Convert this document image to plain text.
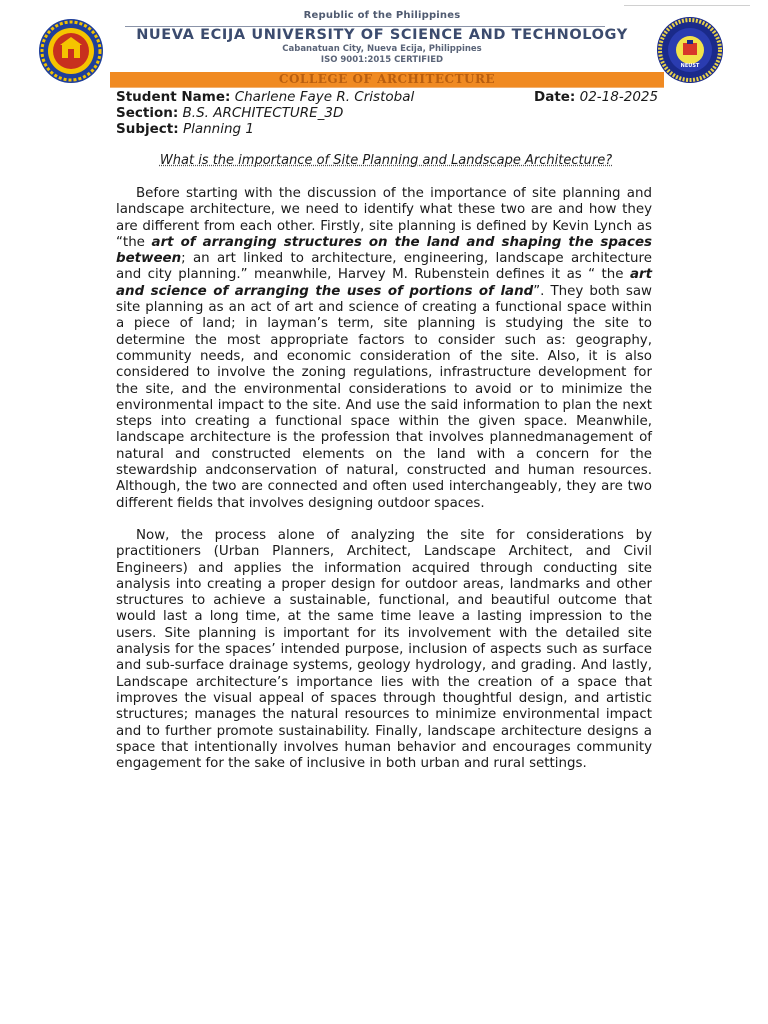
NEUST
Republic of the Philippines
NUEVA ECIJA UNIVERSITY OF SCIENCE AND TECHNOLOGY
Cabanatuan City, Nueva Ecija, Philippines
ISO 9001:2015 CERTIFIED
COLLEGE OF ARCHITECTURE
Student Name: Charlene Faye R. Cristobal
Section: B.S. ARCHITECTURE_3D
Subject: Planning 1
Date: 02-18-2025
What is the importance of Site Planning and Landscape Architecture?

Before starting with the discussion of the importance of site planning and landscape architecture, we need to identify what these two are and how they are different from each other. Firstly, site planning is defined by Kevin Lynch as “the art of arranging structures on the land and shaping the spaces between; an art linked to architecture, engineering, landscape architecture and city planning.” meanwhile, Harvey M. Rubenstein defines it as “ the art and science of arranging the uses of portions of land”. They both saw site planning as an act of art and science of creating a functional space within a piece of land; in layman’s term, site planning is studying the site to determine the most appropriate factors to consider such as: geography, community needs, and economic consideration of the site. Also, it is also considered to involve the zoning regulations, infrastructure development for the site, and the environmental considerations to avoid or to minimize the environmental impact to the site. And use the said information to plan the next steps into creating a functional space within the given space. Meanwhile, landscape architecture is the profession that involves plannedmanagement of natural and constructed elements on the land with a concern for the stewardship andconservation of natural, constructed and human resources. Although, the two are connected and often used interchangeably, they are two different fields that involves designing outdoor spaces.

Now, the process alone of analyzing the site for considerations by practitioners (Urban Planners, Architect, Landscape Architect, and Civil Engineers) and applies the information acquired through conducting site analysis into creating a proper design for outdoor areas, landmarks and other structures to achieve a sustainable, functional, and beautiful outcome that would last a long time, at the same time leave a lasting impression to the users. Site planning is important for its involvement with the detailed site analysis for the spaces’ intended purpose, inclusion of aspects such as surface and sub-surface drainage systems, geology hydrology, and grading. And lastly, Landscape architecture’s importance lies with the creation of a space that improves the visual appeal of spaces through thoughtful design, and artistic structures; manages the natural resources to minimize environmental impact and to further promote sustainability. Finally, landscape architecture designs a space that intentionally involves human behavior and encourages community engagement for the sake of inclusive in both urban and rural settings.
